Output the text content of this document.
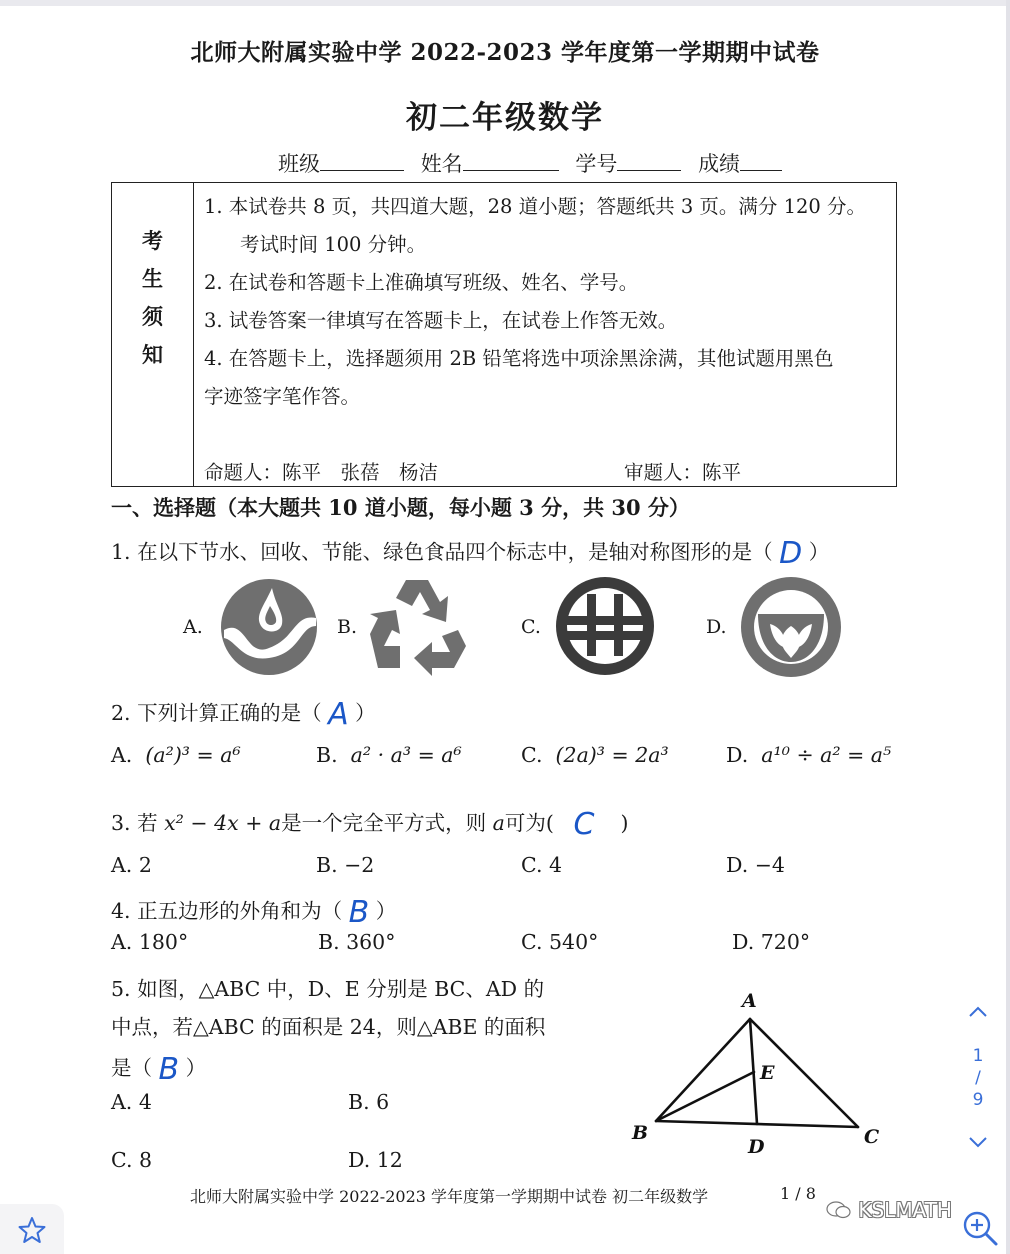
北师大附属实验中学 2022-2023 学年度第一学期期中试卷
初二年级数学
班级	姓名	学号	成绩
考
生
须
知
1. 本试卷共 8 页，共四道大题，28 道小题；答题纸共 3 页。满分 120 分。
考试时间 100 分钟。
2. 在试卷和答题卡上准确填写班级、姓名、学号。
3. 试卷答案一律填写在答题卡上，在试卷上作答无效。
4. 在答题卡上，选择题须用 2B 铅笔将选中项涂黑涂满，其他试题用黑色
字迹签字笔作答。
命题人：陈平　张蓓　杨洁	审题人：陈平
一、选择题（本大题共 10 道小题，每小题 3 分，共 30 分）
1. 在以下节水、回收、节能、绿色食品四个标志中，是轴对称图形的是（ D ）
A.	B.	C.	D.
2. 下列计算正确的是（ A ）
A. (a²)³ = a⁶	B. a² · a³ = a⁶	C. (2a)³ = 2a³	D. a¹⁰ ÷ a² = a⁵
3. 若 x² − 4x + a是一个完全平方式，则 a可为( C )
A. 2	B. −2	C. 4	D. −4
4. 正五边形的外角和为（ B ）
A. 180°	B. 360°	C. 540°	D. 720°
5. 如图，△ABC 中，D、E 分别是 BC、AD 的
中点，若△ABC 的面积是 24，则△ABE 的面积
是（ B ）
A. 4	B. 6
C. 8	D. 12
A
B	C
D
E
北师大附属实验中学 2022-2023 学年度第一学期期中试卷 初二年级数学	1 / 8
1
/
9
KSLMATH
